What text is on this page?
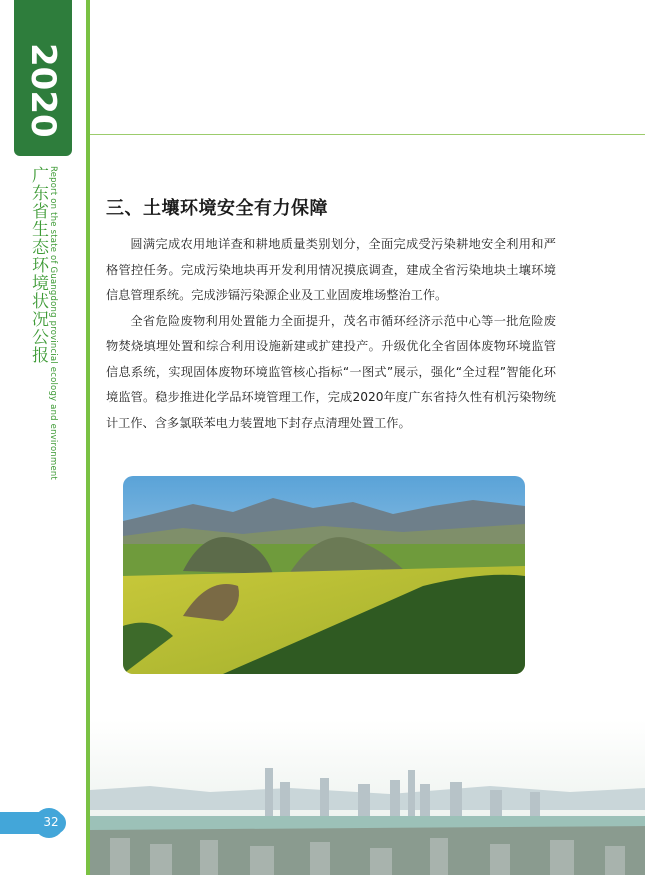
2020
广东省生态环境状况公报 Report on the state of Guangdong provincial ecology and environment	三、土壤环境安全有力保障

圆满完成农用地详查和耕地质量类别划分，全面完成受污染耕地安全利用和严格管控任务。完成污染地块再开发利用情况摸底调查，建成全省污染地块土壤环境信息管理系统。完成涉镉污染源企业及工业固废堆场整治工作。

全省危险废物利用处置能力全面提升，茂名市循环经济示范中心等一批危险废物焚烧填埋处置和综合利用设施新建或扩建投产。升级优化全省固体废物环境监管信息系统，实现固体废物环境监管核心指标“一图式”展示，强化“全过程”智能化环境监管。稳步推进化学品环境管理工作，完成2020年度广东省持久性有机污染物统计工作、含多氯联苯电力装置地下封存点清理处置工作。

32
